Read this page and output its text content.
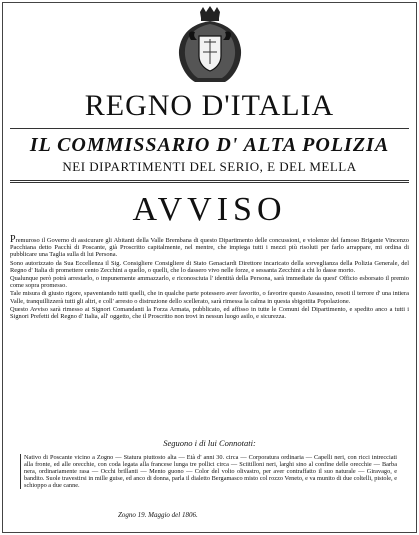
REGNO D'ITALIA
IL COMMISSARIO D' ALTA POLIZIA
NEI DIPARTIMENTI DEL SERIO, E DEL MELLA
AVVISO

Premuroso il Governo di assicurare gli Abitanti della Valle Brembana di questo Dipartimento delle concussioni, e violenze del famoso Brigante Vincenzo Pacchiana detto Pacchì di Poscante, già Proscritto capitalmente, nel mentre, che impiega tutti i mezzi più risoluti per farlo arrappare, mi ordina di pubblicare una Taglia sulla di lui Persona.

Sono autorizzato da Sua Eccellenza il Sig. Consigliere Consigliere di Stato Genaciardi Direttore incaricato della sorveglianza della Polizia Generale, del Regno d' Italia di promettere cento Zecchini a quello, o quelli, che lo dassero vivo nelle forze, e sessanta Zecchini a chi lo dasse morto.

Qualunque però potrà arrestarlo, o impunemente ammazzarlo, e riconosciuta l' identità della Persona, sarà immediate da quest' Officio esborsato il premio come sopra promesso.

Tale misura di giusto rigore, spaventando tutti quelli, che in qualche parte potessero aver favorito, o favorire questo Assassino, resoti il terrore d' una intiera Valle, tranquillizzerà tutti gli altri, e coll' arresto o distruzione dello scellerato, sarà rimessa la calma in questa sbigottita Popolazione.

Questo Avviso sarà rimesso ai Signori Comandanti la Forza Armata, pubblicato, ed affisso in tutte le Comuni del Dipartimento, e spedito anco a tutti i Signori Prefetti del Regno d' Italia, all' oggetto, che il Proscritto non trovi in nessun luogo asilo, e sicurezza.

Seguono i di lui Connotati:
Nativo di Poscante vicino a Zogno — Statura piuttosto alta — Età d' anni 30. circa — Corporatura ordinaria — Capelli neri, con ricci intrecciati alla fronte, ed alle orecchie, con coda legata alla francese lunga tre pollici circa — Sciitilloni neri, larghi sino al confine delle orecchie — Barba nera, ordinariamente rasa — Occhi brillanti — Mento guono — Color del volto olivastro, per aver contraffatto il suo naturale — Giravago, e bandito. Suole travestirsi in mille guise, ed anco di donna, parla il dialetto Bergamasco misto col rozzo Veneto, e va munito di due coltelli, pistole, e schioppo a due canne.
Zogno 19. Maggio del 1806.
